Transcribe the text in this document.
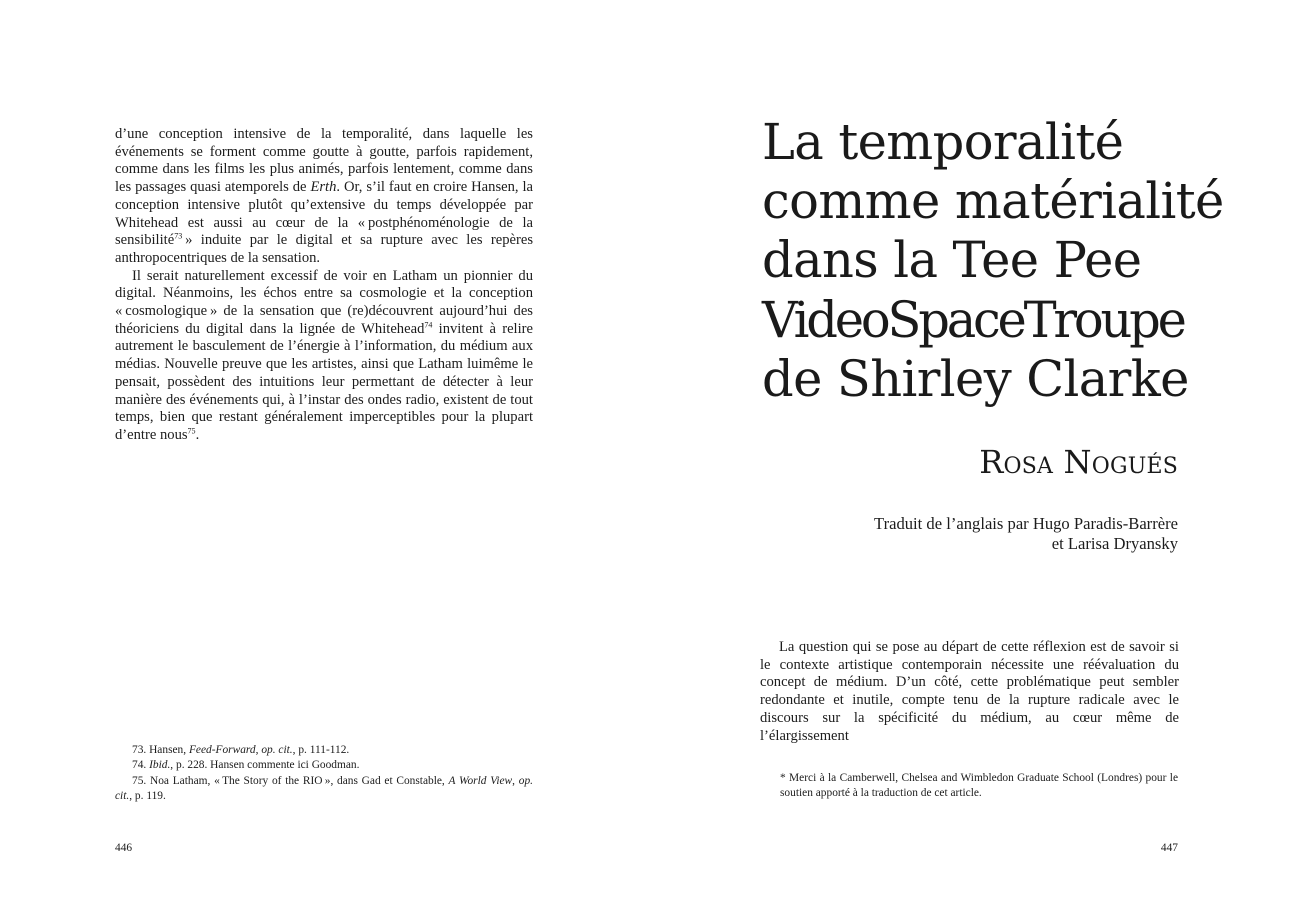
d’une conception intensive de la temporalité, dans laquelle les événements se forment comme goutte à goutte, parfois rapidement, comme dans les films les plus animés, parfois lentement, comme dans les passages quasi atemporels de Erth. Or, s’il faut en croire Hansen, la conception intensive plutôt qu’extensive du temps développée par Whitehead est aussi au cœur de la « postphénoménologie de la sensibilité$^{73}$ » induite par le digital et sa rupture avec les repères anthropocentriques de la sensation.

Il serait naturellement excessif de voir en Latham un pionnier du digital. Néanmoins, les échos entre sa cosmologie et la conception « cosmologique » de la sensation que (re)découvrent aujourd’hui des théoriciens du digital dans la lignée de Whitehead$^{74}$ invitent à relire autrement le basculement de l’énergie à l’information, du médium aux médias. Nouvelle preuve que les artistes, ainsi que Latham luimême le pensait, possèdent des intuitions leur permettant de détecter à leur manière des événements qui, à l’instar des ondes radio, existent de tout temps, bien que restant généralement imperceptibles pour la plupart d’entre nous$^{75}$.

73. Hansen, Feed-Forward, op. cit., p. 111-112.

74. Ibid., p. 228. Hansen commente ici Goodman.

75. Noa Latham, « The Story of the RIO », dans Gad et Constable, A World View, op. cit., p. 119.

446
La temporalité
comme matérialité
dans la Tee Pee
VideoSpaceTroupe
de Shirley Clarke
Rosa Nogués
Traduit de l’anglais par Hugo Paradis-Barrère
et Larisa Dryansky

La question qui se pose au départ de cette réflexion est de savoir si le contexte artistique contemporain nécessite une réévaluation du concept de médium. D’un côté, cette problématique peut sembler redondante et inutile, compte tenu de la rupture radicale avec le discours sur la spécificité du médium, au cœur même de l’élargissement

* Merci à la Camberwell, Chelsea and Wimbledon Graduate School (Londres) pour le soutien apporté à la traduction de cet article.

447
